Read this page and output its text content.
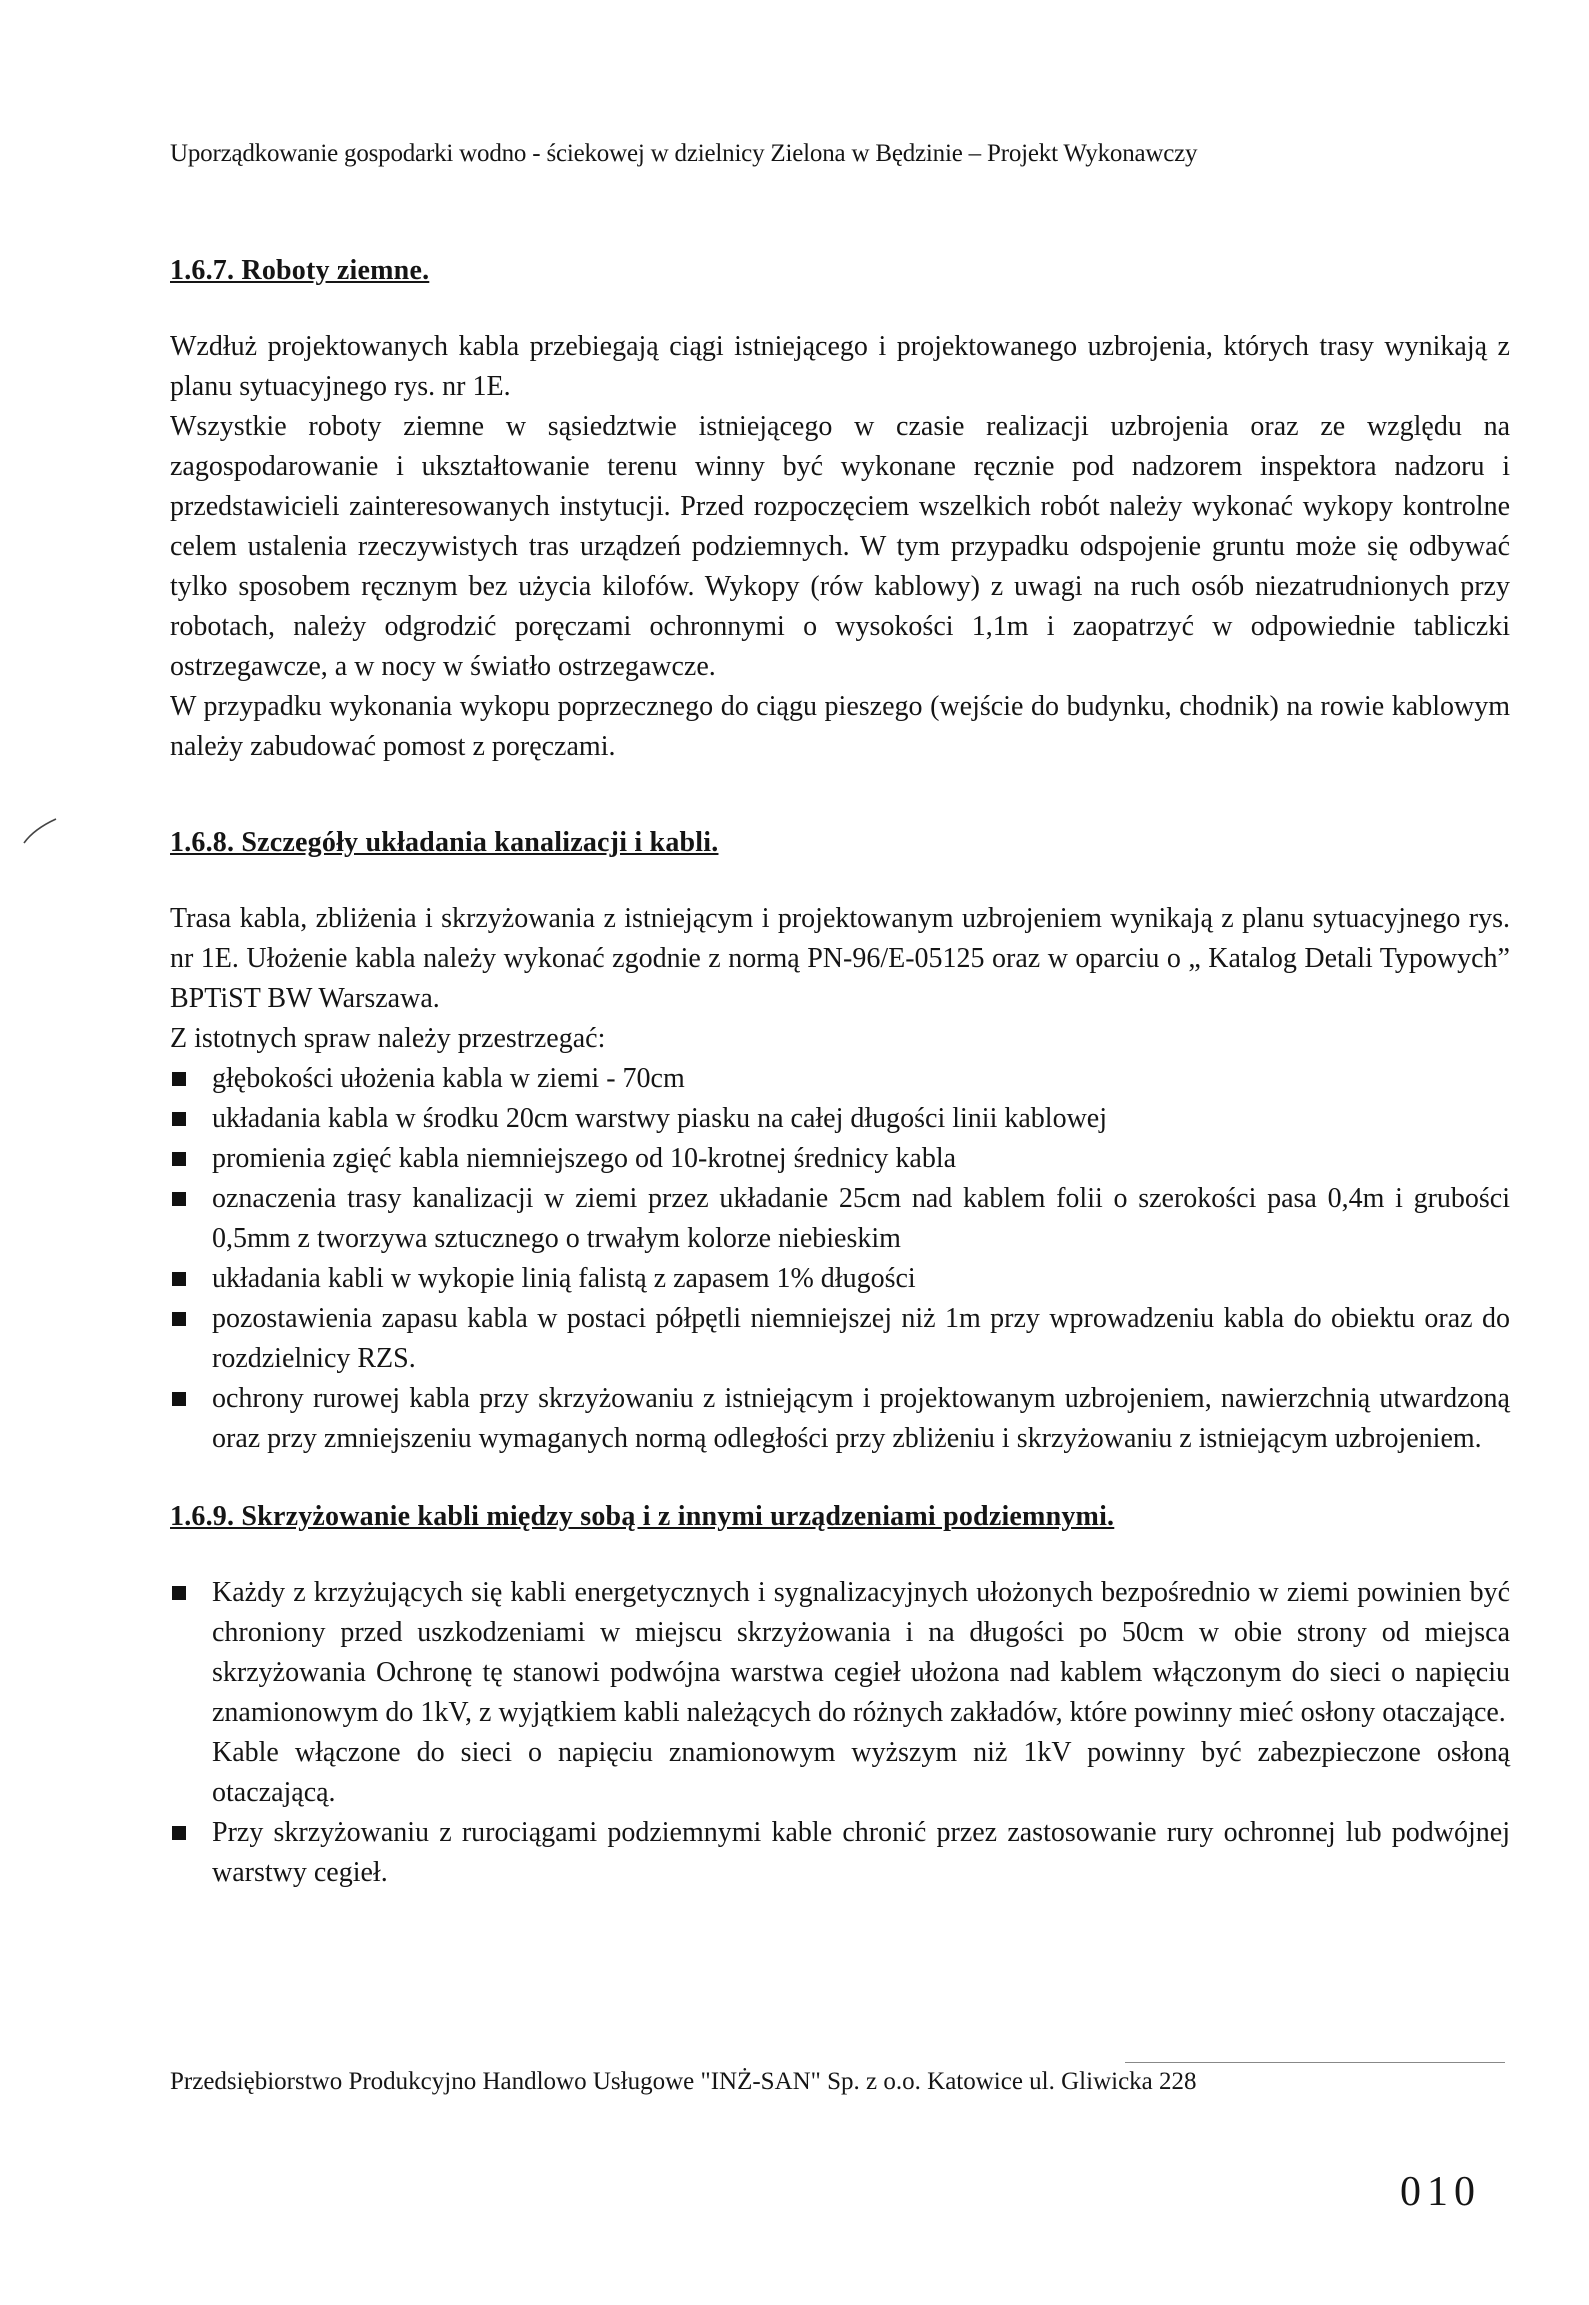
Uporządkowanie gospodarki wodno - ściekowej w dzielnicy Zielona w Będzinie – Projekt Wykonawczy
1.6.7. Roboty ziemne.

Wzdłuż projektowanych kabla przebiegają ciągi istniejącego i projektowanego uzbrojenia, których trasy wynikają z planu sytuacyjnego rys. nr 1E.

Wszystkie roboty ziemne w sąsiedztwie istniejącego w czasie realizacji uzbrojenia oraz ze względu na zagospodarowanie i ukształtowanie terenu winny być wykonane ręcznie pod nadzorem inspektora nadzoru i przedstawicieli zainteresowanych instytucji. Przed rozpoczęciem wszelkich robót należy wykonać wykopy kontrolne celem ustalenia rzeczywistych tras urządzeń podziemnych. W tym przypadku odspojenie gruntu może się odbywać tylko sposobem ręcznym bez użycia kilofów. Wykopy (rów kablowy) z uwagi na ruch osób niezatrudnionych przy robotach, należy odgrodzić poręczami ochronnymi o wysokości 1,1m i zaopatrzyć w odpowiednie tabliczki ostrzegawcze, a w nocy w światło ostrzegawcze.

W przypadku wykonania wykopu poprzecznego do ciągu pieszego (wejście do budynku, chodnik) na rowie kablowym należy zabudować pomost z poręczami.

1.6.8. Szczegóły układania kanalizacji i kabli.

Trasa kabla, zbliżenia i skrzyżowania z istniejącym i projektowanym uzbrojeniem wynikają z planu sytuacyjnego rys. nr 1E. Ułożenie kabla należy wykonać zgodnie z normą PN-96/E-05125 oraz w oparciu o „ Katalog Detali Typowych” BPTiST BW Warszawa.

Z istotnych spraw należy przestrzegać:

głębokości ułożenia kabla w ziemi - 70cm
układania kabla w środku 20cm warstwy piasku na całej długości linii kablowej
promienia zgięć kabla niemniejszego od 10-krotnej średnicy kabla
oznaczenia trasy kanalizacji w ziemi przez układanie 25cm nad kablem folii o szerokości pasa 0,4m i grubości 0,5mm z tworzywa sztucznego o trwałym kolorze niebieskim
układania kabli w wykopie linią falistą z zapasem 1% długości
pozostawienia zapasu kabla w postaci półpętli niemniejszej niż 1m przy wprowadzeniu kabla do obiektu oraz do rozdzielnicy RZS.
ochrony rurowej kabla przy skrzyżowaniu z istniejącym i projektowanym uzbrojeniem, nawierzchnią utwardzoną oraz przy zmniejszeniu wymaganych normą odległości przy zbliżeniu i skrzyżowaniu z istniejącym uzbrojeniem.
1.6.9. Skrzyżowanie kabli między sobą i z innymi urządzeniami podziemnymi.
Każdy z krzyżujących się kabli energetycznych i sygnalizacyjnych ułożonych bezpośrednio w ziemi powinien być chroniony przed uszkodzeniami w miejscu skrzyżowania i na długości po 50cm w obie strony od miejsca skrzyżowania Ochronę tę stanowi podwójna warstwa cegieł ułożona nad kablem włączonym do sieci o napięciu znamionowym do 1kV, z wyjątkiem kabli należących do różnych zakładów, które powinny mieć osłony otaczające.
Kable włączone do sieci o napięciu znamionowym wyższym niż 1kV powinny być zabezpieczone osłoną otaczającą.
Przy skrzyżowaniu z rurociągami podziemnymi kable chronić przez zastosowanie rury ochronnej lub podwójnej warstwy cegieł.
Przedsiębiorstwo Produkcyjno Handlowo Usługowe "INŻ-SAN" Sp. z o.o. Katowice ul. Gliwicka 228
010
